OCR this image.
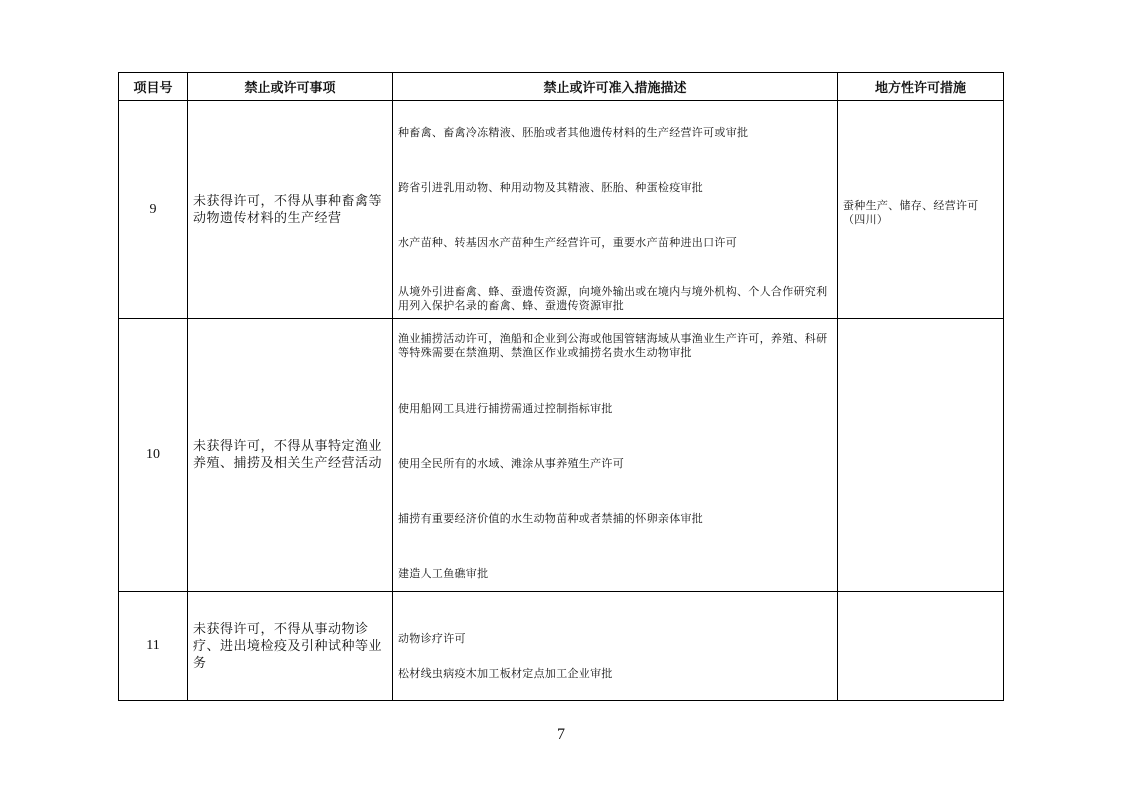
项目号	禁止或许可事项	禁止或许可准入措施描述	地方性许可措施
9	未获得许可，不得从事种畜禽等动物遗传材料的生产经营	种畜禽、畜禽冷冻精液、胚胎或者其他遗传材料的生产经营许可或审批
跨省引进乳用动物、种用动物及其精液、胚胎、种蛋检疫审批
水产苗种、转基因水产苗种生产经营许可，重要水产苗种进出口许可
从境外引进畜禽、蜂、蚕遗传资源，向境外输出或在境内与境外机构、个人合作研究利用列入保护名录的畜禽、蜂、蚕遗传资源审批	蚕种生产、储存、经营许可（四川）
10	未获得许可，不得从事特定渔业养殖、捕捞及相关生产经营活动	渔业捕捞活动许可，渔船和企业到公海或他国管辖海域从事渔业生产许可，养殖、科研等特殊需要在禁渔期、禁渔区作业或捕捞名贵水生动物审批
使用船网工具进行捕捞需通过控制指标审批
使用全民所有的水域、滩涂从事养殖生产许可
捕捞有重要经济价值的水生动物苗种或者禁捕的怀卵亲体审批
建造人工鱼礁审批	

11	未获得许可，不得从事动物诊疗、进出境检疫及引种试种等业务	动物诊疗许可
松材线虫病疫木加工板材定点加工企业审批	

7
